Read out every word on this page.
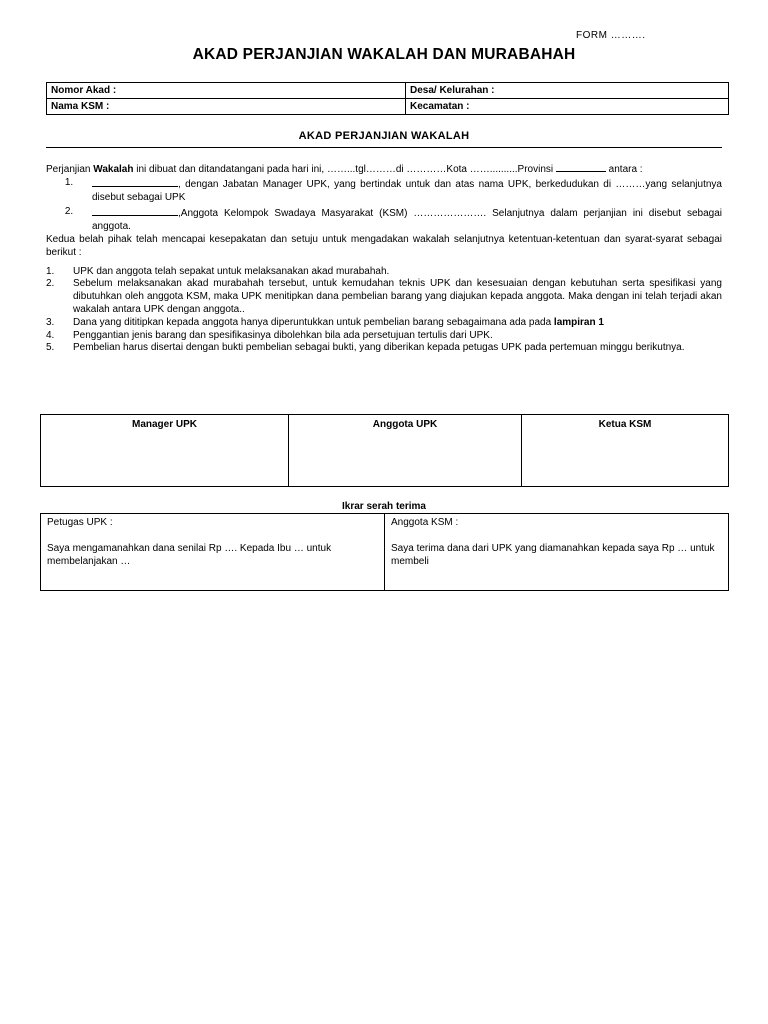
FORM ……….
AKAD PERJANJIAN WAKALAH DAN MURABAHAH
Nomor Akad :	Desa/ Kelurahan :
Nama KSM :	Kecamatan :
AKAD PERJANJIAN WAKALAH

Perjanjian Wakalah ini dibuat dan ditandatangani pada hari ini, ……...tgl………di …………Kota ……..........Provinsi	antara :

1.	, dengan Jabatan Manager UPK, yang bertindak untuk dan atas nama UPK, berkedudukan di ………yang selanjutnya disebut sebagai UPK
2.	,Anggota Kelompok Swadaya Masyarakat (KSM) …………………. Selanjutnya dalam perjanjian ini disebut sebagai anggota.

Kedua belah pihak telah mencapai kesepakatan dan setuju untuk mengadakan wakalah selanjutnya ketentuan-ketentuan dan syarat-syarat sebagai berikut :

1.	UPK dan anggota telah sepakat untuk melaksanakan akad murabahah.
2.	Sebelum melaksanakan akad murabahah tersebut, untuk kemudahan teknis UPK dan kesesuaian dengan kebutuhan serta spesifikasi yang dibutuhkan oleh anggota KSM, maka UPK menitipkan dana pembelian barang yang diajukan kepada anggota. Maka dengan ini telah terjadi akan wakalah antara UPK dengan anggota..
3.	Dana yang dititipkan kepada anggota hanya diperuntukkan untuk pembelian barang sebagaimana ada pada lampiran 1
4.	Penggantian jenis barang dan spesifikasinya dibolehkan bila ada persetujuan tertulis dari UPK.
5.	Pembelian harus disertai dengan bukti pembelian sebagai bukti, yang diberikan kepada petugas UPK pada pertemuan minggu berikutnya.
Manager UPK	Anggota UPK	Ketua KSM
Ikrar serah terima
Petugas UPK :
Saya mengamanahkan dana senilai Rp …. Kepada Ibu … untuk membelanjakan …

Anggota KSM :
Saya terima dana dari UPK yang diamanahkan kepada saya Rp … untuk membeli
